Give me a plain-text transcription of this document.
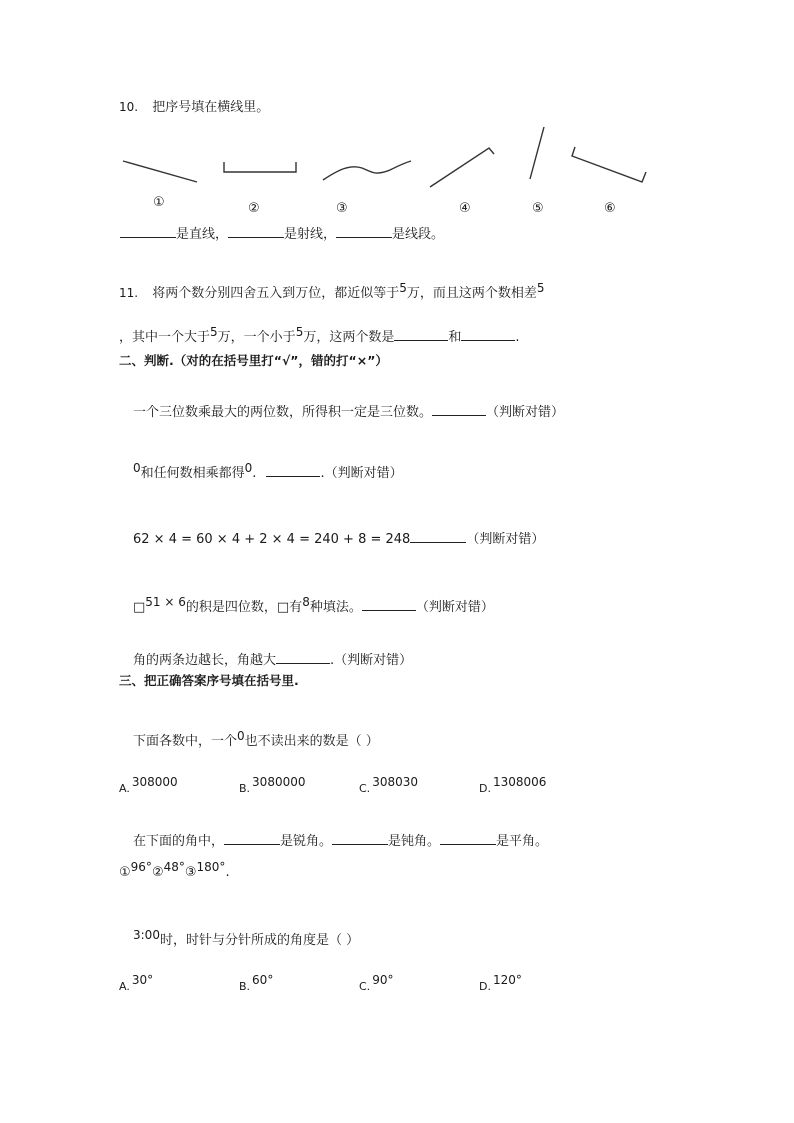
10. 把序号填在横线里。
①	②	③	④	⑤	⑥
是直线，	是射线，	是线段。
11. 将两个数分别四舍五入到万位，都近似等于5万，而且这两个数相差5
，其中一个大于5万，一个小于5万，这两个数是	和	.
二、判断.（对的在括号里打“√”，错的打“×”）
一个三位数乘最大的两位数，所得积一定是三位数。	（判断对错）
0和任何数相乘都得0.	.（判断对错）
62 × 4 = 60 × 4 + 2 × 4 = 240 + 8 = 248	（判断对错）
□51 × 6的积是四位数，□有8种填法。	（判断对错）
角的两条边越长，角越大	.（判断对错）
三、把正确答案序号填在括号里.
下面各数中，一个0也不读出来的数是（ ）
A. 308000	B. 3080000	C. 308030	D. 1308006
在下面的角中，	是锐角。	是钝角。	是平角。
①96°②48°③180°.
3:00时，时针与分针所成的角度是（ ）
A. 30°	B. 60°	C. 90°	D. 120°
